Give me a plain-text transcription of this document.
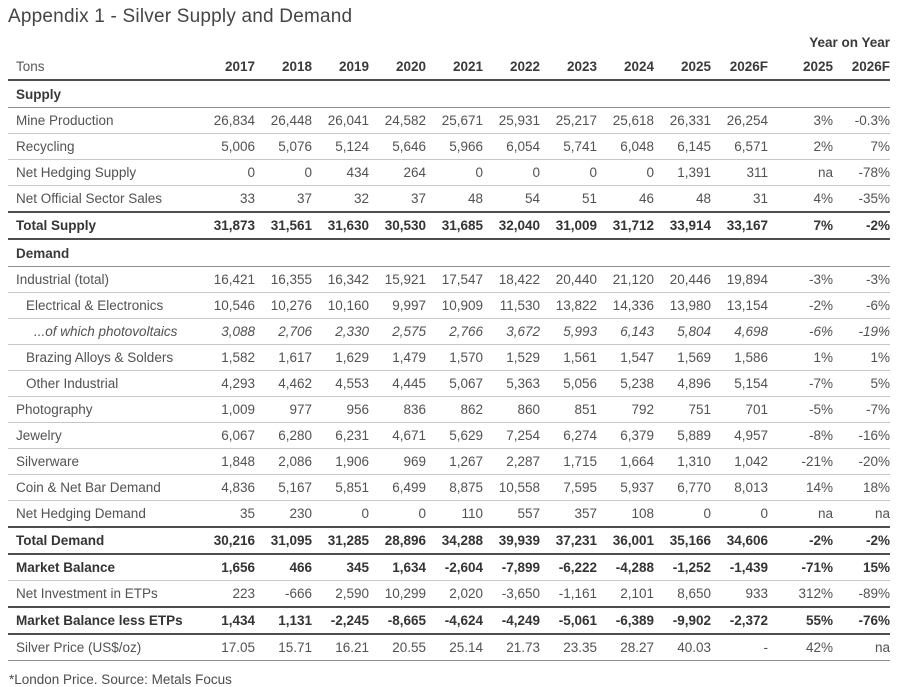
Appendix 1 - Silver Supply and Demand
											Year on Year	
Tons	2017	2018	2019	2020	2021	2022	2023	2024	2025	2026F	2025	2026F
Supply												
Mine Production	26,834	26,448	26,041	24,582	25,671	25,931	25,217	25,618	26,331	26,254	3%	-0.3%
Recycling	5,006	5,076	5,124	5,646	5,966	6,054	5,741	6,048	6,145	6,571	2%	7%
Net Hedging Supply	0	0	434	264	0	0	0	0	1,391	311	na	-78%
Net Official Sector Sales	33	37	32	37	48	54	51	46	48	31	4%	-35%
Total Supply	31,873	31,561	31,630	30,530	31,685	32,040	31,009	31,712	33,914	33,167	7%	-2%
Demand												
Industrial (total)	16,421	16,355	16,342	15,921	17,547	18,422	20,440	21,120	20,446	19,894	-3%	-3%
Electrical & Electronics	10,546	10,276	10,160	9,997	10,909	11,530	13,822	14,336	13,980	13,154	-2%	-6%
...of which photovoltaics	3,088	2,706	2,330	2,575	2,766	3,672	5,993	6,143	5,804	4,698	-6%	-19%
Brazing Alloys & Solders	1,582	1,617	1,629	1,479	1,570	1,529	1,561	1,547	1,569	1,586	1%	1%
Other Industrial	4,293	4,462	4,553	4,445	5,067	5,363	5,056	5,238	4,896	5,154	-7%	5%
Photography	1,009	977	956	836	862	860	851	792	751	701	-5%	-7%
Jewelry	6,067	6,280	6,231	4,671	5,629	7,254	6,274	6,379	5,889	4,957	-8%	-16%
Silverware	1,848	2,086	1,906	969	1,267	2,287	1,715	1,664	1,310	1,042	-21%	-20%
Coin & Net Bar Demand	4,836	5,167	5,851	6,499	8,875	10,558	7,595	5,937	6,770	8,013	14%	18%
Net Hedging Demand	35	230	0	0	110	557	357	108	0	0	na	na
Total Demand	30,216	31,095	31,285	28,896	34,288	39,939	37,231	36,001	35,166	34,606	-2%	-2%
Market Balance	1,656	466	345	1,634	-2,604	-7,899	-6,222	-4,288	-1,252	-1,439	-71%	15%
Net Investment in ETPs	223	-666	2,590	10,299	2,020	-3,650	-1,161	2,101	8,650	933	312%	-89%
Market Balance less ETPs	1,434	1,131	-2,245	-8,665	-4,624	-4,249	-5,061	-6,389	-9,902	-2,372	55%	-76%
Silver Price (US$/oz)	17.05	15.71	16.21	20.55	25.14	21.73	23.35	28.27	40.03	-	42%	na
*London Price. Source: Metals Focus
